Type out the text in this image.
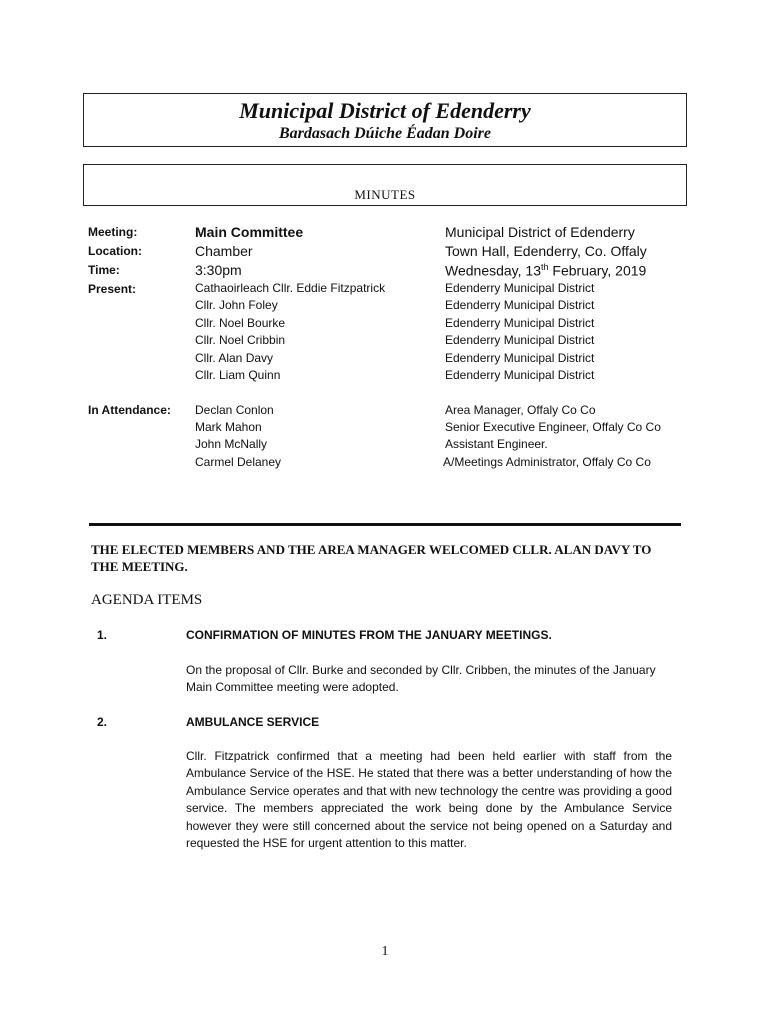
Municipal District of Edenderry
Bardasach Dúiche Éadan Doire
MINUTES
Meeting:	Main Committee	Municipal District of Edenderry
Location:	Chamber	Town Hall, Edenderry, Co. Offaly
Time:	3:30pm	Wednesday, 13th February, 2019
Present:	Cathaoirleach Cllr. Eddie Fitzpatrick	Edenderry Municipal District
Cllr. John Foley	Edenderry Municipal District
Cllr. Noel Bourke	Edenderry Municipal District
Cllr. Noel Cribbin	Edenderry Municipal District
Cllr. Alan Davy	Edenderry Municipal District
Cllr. Liam Quinn	Edenderry Municipal District
In Attendance: Declan Conlon	Area Manager, Offaly Co Co
Mark Mahon	Senior Executive Engineer, Offaly Co Co
John McNally	Assistant Engineer.
Carmel Delaney	A/Meetings Administrator, Offaly Co Co
THE ELECTED MEMBERS AND THE AREA MANAGER WELCOMED CLLR. ALAN DAVY TO THE MEETING.
AGENDA ITEMS
1.	CONFIRMATION OF MINUTES FROM THE JANUARY MEETINGS.
On the proposal of Cllr. Burke and seconded by Cllr. Cribben, the minutes of the January Main Committee meeting were adopted.
2.	AMBULANCE SERVICE
Cllr. Fitzpatrick confirmed that a meeting had been held earlier with staff from the Ambulance Service of the HSE. He stated that there was a better understanding of how the Ambulance Service operates and that with new technology the centre was providing a good service. The members appreciated the work being done by the Ambulance Service however they were still concerned about the service not being opened on a Saturday and requested the HSE for urgent attention to this matter.
1
